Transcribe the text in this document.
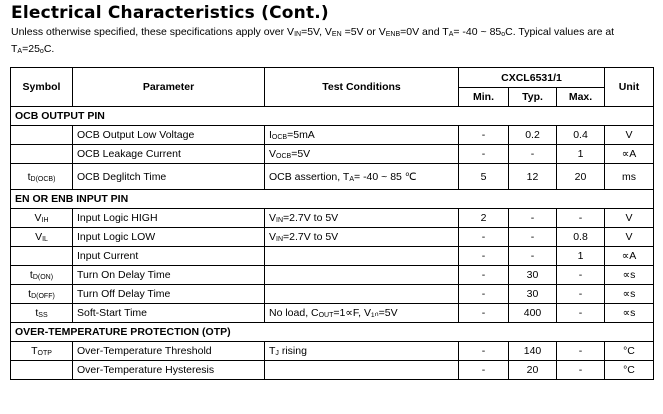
Electrical Characteristics (Cont.)
Unless otherwise specified, these specifications apply over VIN=5V, VEN =5V or VENB=0V and TA= -40 ~ 85oC. Typical values are at TA=25oC.
Symbol	Parameter	Test Conditions	CXCL6531/1			Unit
			Min.	Typ.	Max.	
OCB OUTPUT PIN						
	OCB Output Low Voltage	IOCB=5mA	-	0.2	0.4	V
	OCB Leakage Current	VOCB=5V	-	-	1	∝A
tD(OCB)	OCB Deglitch Time	OCB assertion, TA= -40 ~ 85 ℃	5	12	20	ms
EN OR ENB INPUT PIN						
VIH	Input Logic HIGH	VIN=2.7V to 5V	2	-	-	V
VIL	Input Logic LOW	VIN=2.7V to 5V	-	-	0.8	V
	Input Current		-	-	1	∝A
tD(ON)	Turn On Delay Time		-	30	-	∝s
tD(OFF)	Turn Off Delay Time		-	30	-	∝s
tSS	Soft-Start Time	No load, COUT=1∝F, V₁ₙ=5V	-	400	-	∝s
OVER-TEMPERATURE PROTECTION (OTP)						
TOTP	Over-Temperature Threshold	TJ rising	-	140	-	°C
	Over-Temperature Hysteresis		-	20	-	°C
